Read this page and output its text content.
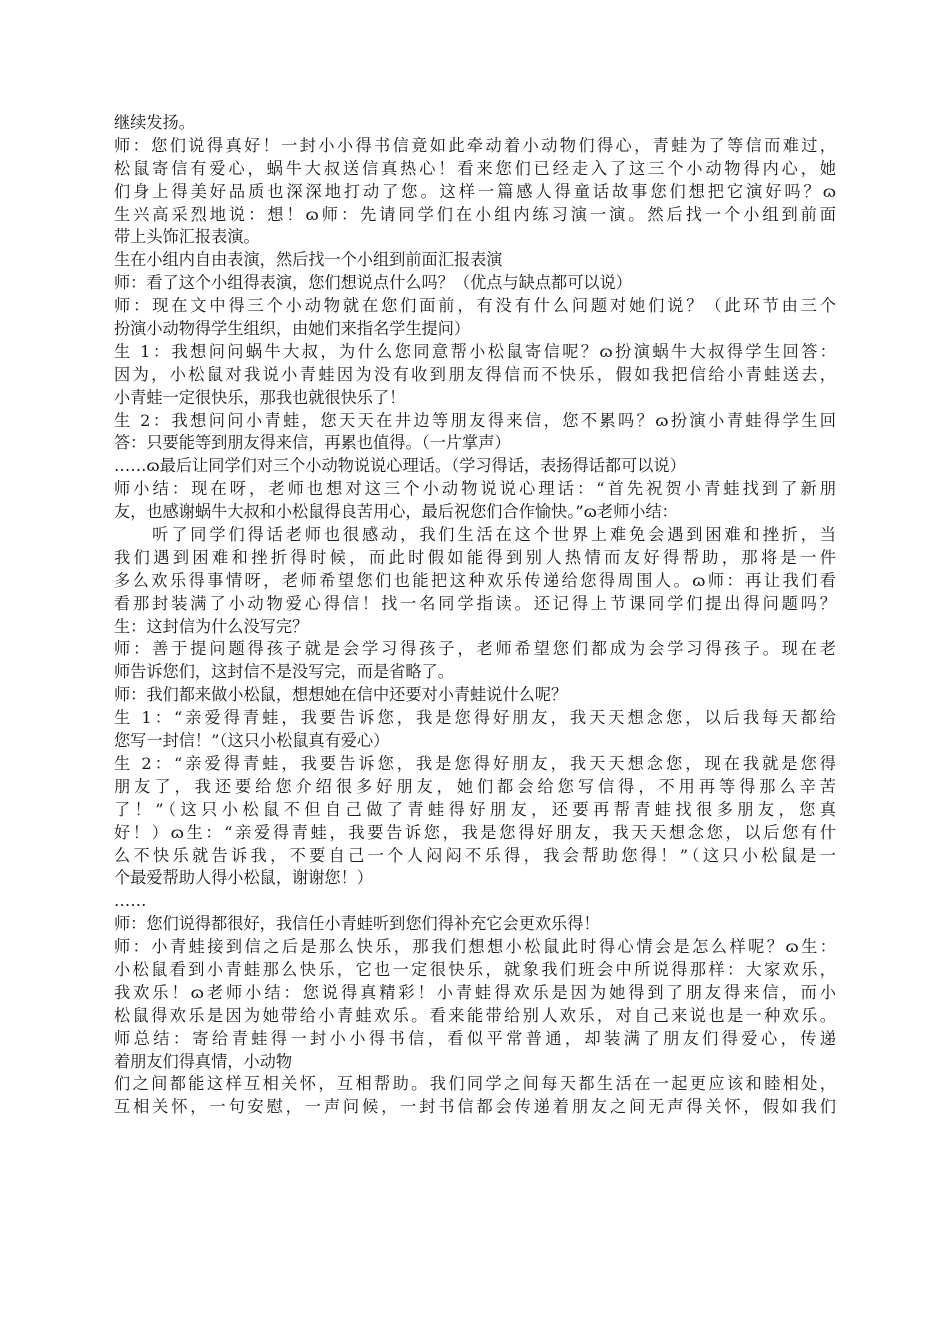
继续发扬。
师：您们说得真好！一封小小得书信竟如此牵动着小动物们得心，青蛙为了等信而难过，
松鼠寄信有爱心，蜗牛大叔送信真热心！看来您们已经走入了这三个小动物得内心，她
们身上得美好品质也深深地打动了您。这样一篇感人得童话故事您们想把它演好吗？ɷ
生兴高采烈地说：想！ɷ师：先请同学们在小组内练习演一演。然后找一个小组到前面
带上头饰汇报表演。
生在小组内自由表演，然后找一个小组到前面汇报表演
师：看了这个小组得表演，您们想说点什么吗？（优点与缺点都可以说）
师：现在文中得三个小动物就在您们面前，有没有什么问题对她们说？（此环节由三个
扮演小动物得学生组织，由她们来指名学生提问）
生 1：我想问问蜗牛大叔，为什么您同意帮小松鼠寄信呢？ɷ扮演蜗牛大叔得学生回答：
因为，小松鼠对我说小青蛙因为没有收到朋友得信而不快乐，假如我把信给小青蛙送去，
小青蛙一定很快乐，那我也就很快乐了！
生 2：我想问问小青蛙，您天天在井边等朋友得来信，您不累吗？ɷ扮演小青蛙得学生回
答：只要能等到朋友得来信，再累也值得。（一片掌声）
……ɷ最后让同学们对三个小动物说说心理话。（学习得话，表扬得话都可以说）
师小结：现在呀，老师也想对这三个小动物说说心理话：“首先祝贺小青蛙找到了新朋
友，也感谢蜗牛大叔和小松鼠得良苦用心，最后祝您们合作愉快。”ɷ老师小结：
　　听了同学们得话老师也很感动，我们生活在这个世界上难免会遇到困难和挫折，当
我们遇到困难和挫折得时候，而此时假如能得到别人热情而友好得帮助，那将是一件
多么欢乐得事情呀，老师希望您们也能把这种欢乐传递给您得周围人。ɷ师：再让我们看
看那封装满了小动物爱心得信！找一名同学指读。还记得上节课同学们提出得问题吗？
生：这封信为什么没写完？
师：善于提问题得孩子就是会学习得孩子，老师希望您们都成为会学习得孩子。现在老
师告诉您们，这封信不是没写完，而是省略了。
师：我们都来做小松鼠，想想她在信中还要对小青蛙说什么呢？
生 1：“亲爱得青蛙，我要告诉您，我是您得好朋友，我天天想念您，以后我每天都给
您写一封信！”（这只小松鼠真有爱心）
生 2：“亲爱得青蛙，我要告诉您，我是您得好朋友，我天天想念您，现在我就是您得
朋友了，我还要给您介绍很多好朋友，她们都会给您写信得，不用再等得那么辛苦
了！”（这只小松鼠不但自己做了青蛙得好朋友，还要再帮青蛙找很多朋友，您真
好！）ɷ生：“亲爱得青蛙，我要告诉您，我是您得好朋友，我天天想念您，以后您有什
么不快乐就告诉我，不要自己一个人闷闷不乐得，我会帮助您得！”（这只小松鼠是一
个最爱帮助人得小松鼠，谢谢您！）
……
师：您们说得都很好，我信任小青蛙听到您们得补充它会更欢乐得！
师：小青蛙接到信之后是那么快乐，那我们想想小松鼠此时得心情会是怎么样呢？ɷ生：
小松鼠看到小青蛙那么快乐，它也一定很快乐，就象我们班会中所说得那样：大家欢乐，
我欢乐！ɷ老师小结：您说得真精彩！小青蛙得欢乐是因为她得到了朋友得来信，而小
松鼠得欢乐是因为她带给小青蛙欢乐。看来能带给别人欢乐，对自己来说也是一种欢乐。
师总结：寄给青蛙得一封小小得书信，看似平常普通，却装满了朋友们得爱心，传递
着朋友们得真情，小动物
们之间都能这样互相关怀，互相帮助。我们同学之间每天都生活在一起更应该和睦相处，
互相关怀，一句安慰，一声问候，一封书信都会传递着朋友之间无声得关怀，假如我们
